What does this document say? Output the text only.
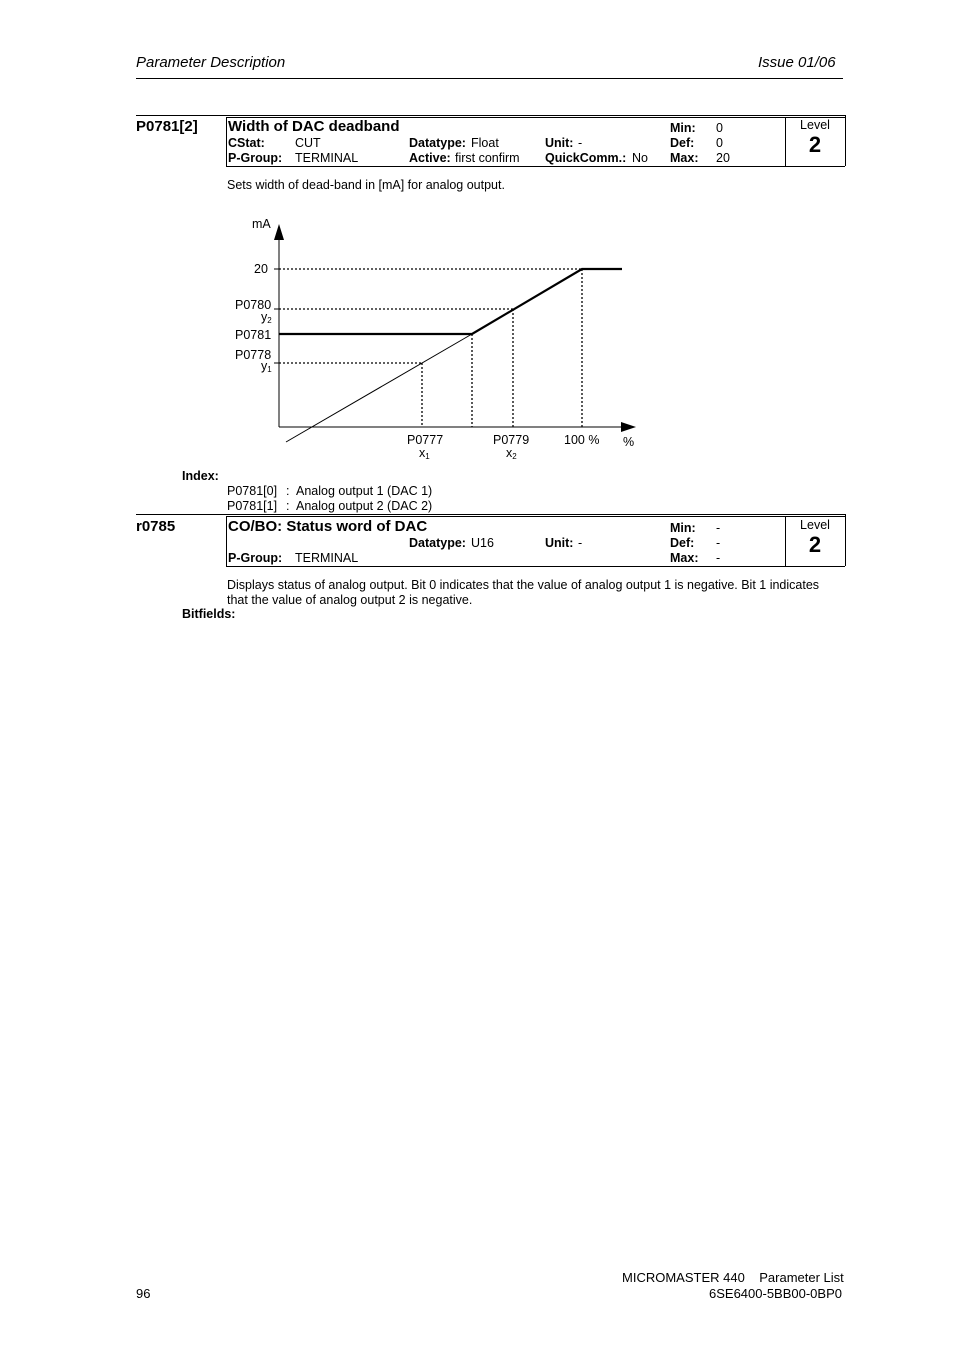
Parameter Description	Issue 01/06
P0781[2] Width of DAC deadband
CStat: CUT	Datatype: Float	Unit: -
P-Group: TERMINAL	Active: first confirm QuickComm.: No
Min: 0
Def: 0
Max: 20
Level
2
Sets width of dead-band in [mA] for analog output.
mA
20
P0780
y2
P0781
P0778
y1
P0777
x1
P0779
x2
100 % %
Index:
P0781[0] : Analog output 1 (DAC 1)
P0781[1] : Analog output 2 (DAC 2)
r0785	CO/BO: Status word of DAC
Datatype: U16	Unit: -
P-Group: TERMINAL
Min: -
Def: -
Max: -
Level
2
Displays status of analog output. Bit 0 indicates that the value of analog output 1 is negative. Bit 1 indicates that the value of analog output 2 is negative.
Bitfields:
96
MICROMASTER 440    Parameter List
6SE6400-5BB00-0BP0
